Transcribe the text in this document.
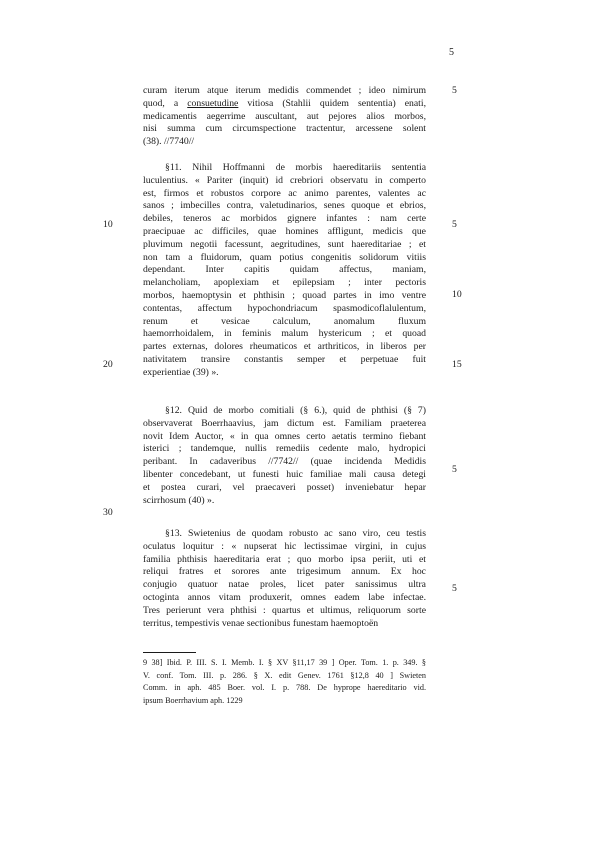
5
curam iterum atque iterum medidis commendet ; ideo nimirum
quod, a consuetudine vitiosa (Stahlii quidem sententia) enati,
medicamentis aegerrime auscultant, aut pejores alios morbos,
nisi summa cum circumspectione tractentur, arcessene solent
(38). //7740//
§11. Nihil Hoffmanni de morbis haereditariis sententia
luculentius. « Pariter (inquit) id crebriori observatu in comperto
est, firmos et robustos corpore ac animo parentes, valentes ac
sanos ; imbecilles contra, valetudinarios, senes quoque et ebrios,
debiles, teneros ac morbidos gignere infantes : nam certe
praecipuae ac difficiles, quae homines affligunt, medicis que
pluvimum negotii facessunt, aegritudines, sunt haereditariae ; et
non tam a fluidorum, quam potius congenitis solidorum vitiis
dependant. Inter capitis quidam affectus, maniam,
melancholiam, apoplexiam et epilepsiam ; inter pectoris
morbos, haemoptysin et phthisin ; quoad partes in imo ventre
contentas, affectum hypochondriacum spasmodicoflalulentum,
renum et vesicae calculum, anomalum fluxum
haemorrhoidalem, in feminis malum hystericum ; et quoad
partes externas, dolores rheumaticos et arthriticos, in liberos per
nativitatem transire constantis semper et perpetuae fuit
experientiae (39) ».
§12. Quid de morbo comitiali (§ 6.), quid de phthisi (§ 7)
observaverat Boerrhaavius, jam dictum est. Familiam praeterea
novit Idem Auctor, « in qua omnes certo aetatis termino fiebant
isterici ; tandemque, nullis remediis cedente malo, hydropici
peribant. In cadaveribus //7742// (quae incidenda Medidis
libenter concedebant, ut funesti huic familiae mali causa detegi
et postea curari, vel praecaveri posset) inveniebatur hepar
scirrhosum (40) ».
§13. Swietenius de quodam robusto ac sano viro, ceu testis
oculatus loquitur : « nupserat hic lectissimae virgini, in cujus
familia phthisis haereditaria erat ; quo morbo ipsa periit, uti et
reliqui fratres et sorores ante trigesimum annum. Ex hoc
conjugio quatuor natae proles, licet pater sanissimus ultra
octoginta annos vitam produxerit, omnes eadem labe infectae.
Tres perierunt vera phthisi : quartus et ultimus, reliquorum sorte
territus, tempestivis venae sectionibus funestam haemoptoën
10
20
30
5
5
10
15
5
5
9 38] Ibid. P. III. S. I. Memb. I. § XV §11,17 39 ] Oper. Tom. 1. p. 349. §
V. conf. Tom. III. p. 286. § X. edit Genev. 1761 §12,8 40 ] Swieten
Comm. in aph. 485 Boer. vol. I. p. 788. De hyprope haereditario vid.
ipsum Boerrhavium aph. 1229
